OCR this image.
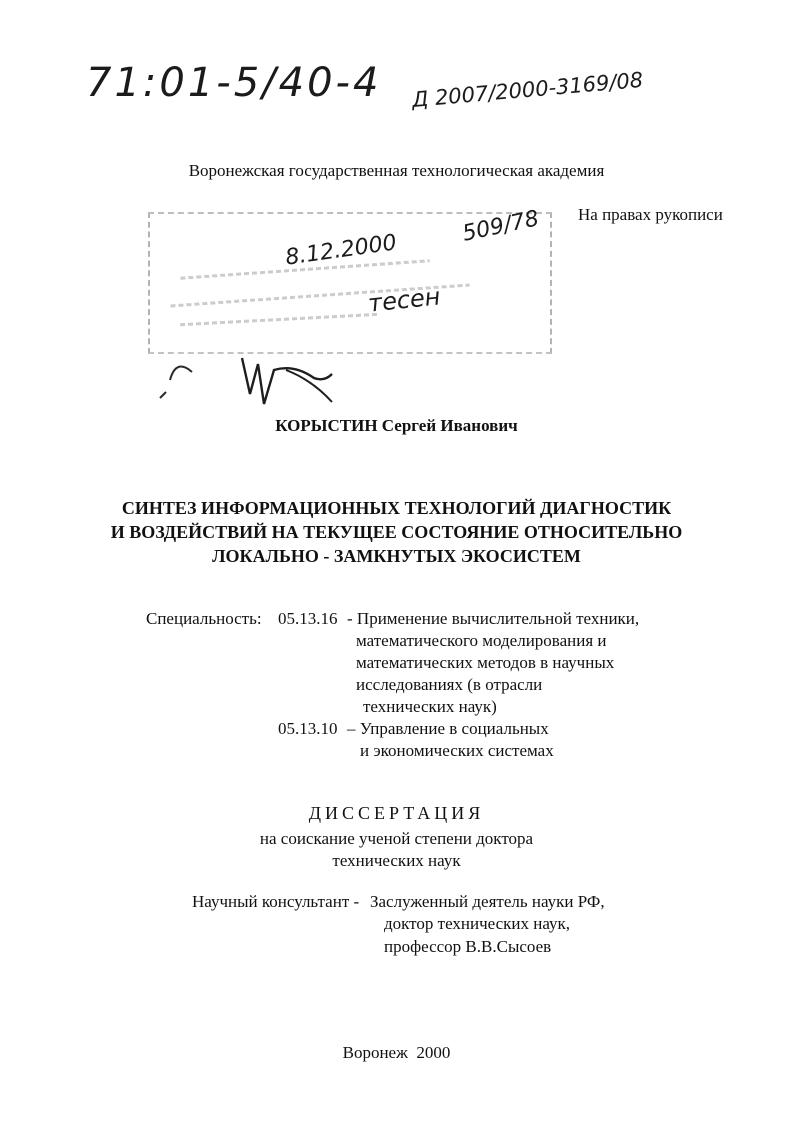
71:01-5/40-4 Д 2007/2000-3169/08
Воронежская государственная технологическая академия
На правах рукописи
8.12.2000
509/78
тесен
КОРЫСТИН Сергей Иванович
СИНТЕЗ ИНФОРМАЦИОННЫХ ТЕХНОЛОГИЙ ДИАГНОСТИК
И ВОЗДЕЙСТВИЙ НА ТЕКУЩЕЕ СОСТОЯНИЕ ОТНОСИТЕЛЬНО
ЛОКАЛЬНО - ЗАМКНУТЫХ ЭКОСИСТЕМ
Специальность: 05.13.16 - Применение вычислительной техники,
математического моделирования и
математических методов в научных
исследованиях (в отрасли
технических наук)
05.13.10 – Управление в социальных
и экономических системах
ДИССЕРТАЦИЯ
на соискание ученой степени доктора
технических наук
Научный консультант - Заслуженный деятель науки РФ,
доктор технических наук,
профессор В.В.Сысоев
Воронеж  2000
